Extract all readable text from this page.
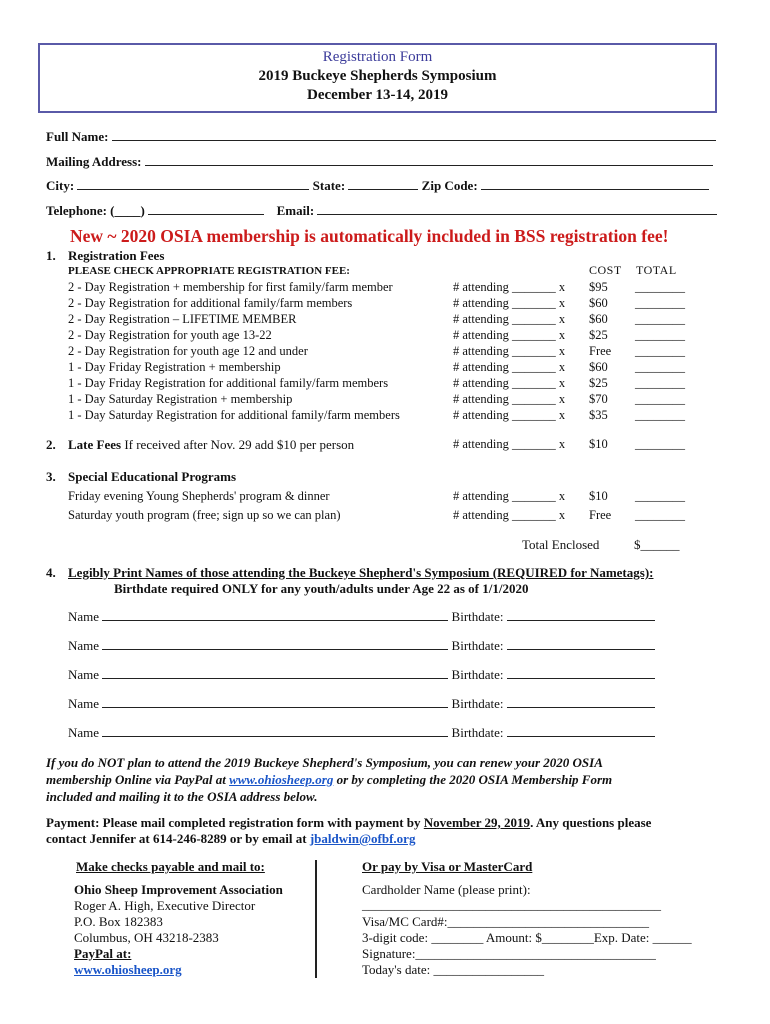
Registration Form
2019 Buckeye Shepherds Symposium
December 13-14, 2019
Full Name:
Mailing Address:
City:	State:	Zip Code:
Telephone: (____)	Email:
New ~ 2020 OSIA membership is automatically included in BSS registration fee!
1. Registration Fees
PLEASE CHECK APPROPRIATE REGISTRATION FEE:	COST TOTAL
2 - Day Registration + membership for first family/farm member	# attending _______ x $95 ________
2 - Day Registration for additional family/farm members	# attending _______ x $60 ________
2 - Day Registration – LIFETIME MEMBER	# attending _______ x $60 ________
2 - Day Registration for youth age 13-22	# attending _______ x $25 ________
2 - Day Registration for youth age 12 and under	# attending _______ x Free ________
1 - Day Friday Registration + membership	# attending _______ x $60 ________
1 - Day Friday Registration for additional family/farm members	# attending _______ x $25 ________
1 - Day Saturday Registration + membership	# attending _______ x $70 ________
1 - Day Saturday Registration for additional family/farm members	# attending _______ x $35 ________
2. Late Fees If received after Nov. 29 add $10 per person	# attending _______ x $10 ________
3. Special Educational Programs
Friday evening Young Shepherds' program & dinner	# attending _______ x $10 ________
Saturday youth program (free; sign up so we can plan)	# attending _______ x Free ________
Total Enclosed	$______
4. Legibly Print Names of those attending the Buckeye Shepherd's Symposium (REQUIRED for Nametags):
Birthdate required ONLY for any youth/adults under Age 22 as of 1/1/2020
Name	Birthdate:
Name	Birthdate:
Name	Birthdate:
Name	Birthdate:
Name	Birthdate:
If you do NOT plan to attend the 2019 Buckeye Shepherd's Symposium, you can renew your 2020 OSIA
membership Online via PayPal at www.ohiosheep.org or by completing the 2020 OSIA Membership Form
included and mailing it to the OSIA address below.
Payment: Please mail completed registration form with payment by November 29, 2019. Any questions please
contact Jennifer at 614-246-8289 or by email at jbaldwin@ofbf.org
Make checks payable and mail to:
Ohio Sheep Improvement Association
Roger A. High, Executive Director
P.O. Box 182383
Columbus, OH 43218-2383
PayPal at:
www.ohiosheep.org
Or pay by Visa or MasterCard
Cardholder Name (please print):
______________________________________________
Visa/MC Card#:_______________________________
3-digit code: ________ Amount: $________Exp. Date: ______
Signature:_____________________________________
Today's date: _________________
